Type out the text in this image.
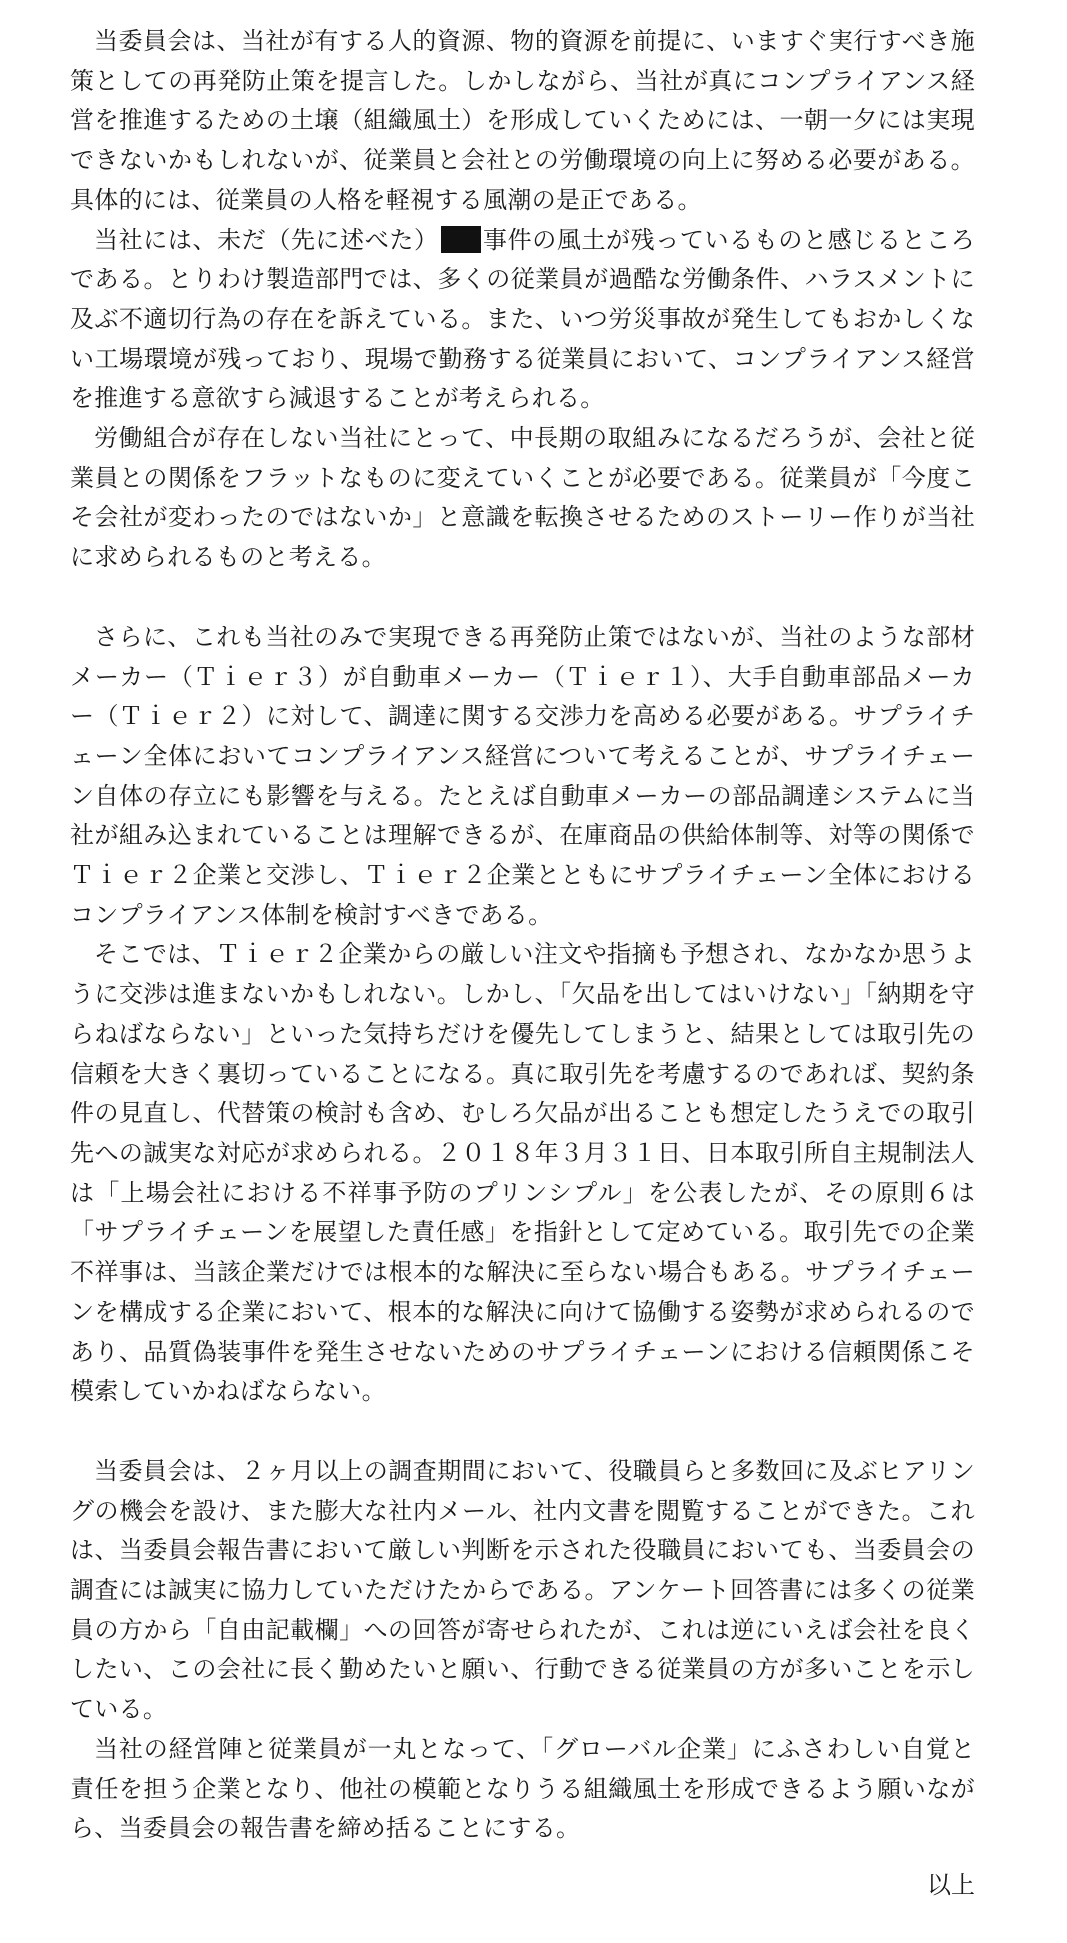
当委員会は、当社が有する人的資源、物的資源を前提に、いますぐ実行すべき施策としての再発防止策を提言した。しかしながら、当社が真にコンプライアンス経営を推進するための土壌（組織風土）を形成していくためには、一朝一夕には実現できないかもしれないが、従業員と会社との労働環境の向上に努める必要がある。具体的には、従業員の人格を軽視する風潮の是正である。

当社には、未だ（先に述べた） 事件の風土が残っているものと感じるところである。とりわけ製造部門では、多くの従業員が過酷な労働条件、ハラスメントに及ぶ不適切行為の存在を訴えている。また、いつ労災事故が発生してもおかしくない工場環境が残っており、現場で勤務する従業員において、コンプライアンス経営を推進する意欲すら減退することが考えられる。

労働組合が存在しない当社にとって、中長期の取組みになるだろうが、会社と従業員との関係をフラットなものに変えていくことが必要である。従業員が「今度こそ会社が変わったのではないか」と意識を転換させるためのストーリー作りが当社に求められるものと考える。

さらに、これも当社のみで実現できる再発防止策ではないが、当社のような部材メーカー（Ｔｉｅｒ３）が自動車メーカー（Ｔｉｅｒ１）、大手自動車部品メーカー（Ｔｉｅｒ２）に対して、調達に関する交渉力を高める必要がある。サプライチェーン全体においてコンプライアンス経営について考えることが、サプライチェーン自体の存立にも影響を与える。たとえば自動車メーカーの部品調達システムに当社が組み込まれていることは理解できるが、在庫商品の供給体制等、対等の関係でＴｉｅｒ２企業と交渉し、Ｔｉｅｒ２企業とともにサプライチェーン全体におけるコンプライアンス体制を検討すべきである。

そこでは、Ｔｉｅｒ２企業からの厳しい注文や指摘も予想され、なかなか思うように交渉は進まないかもしれない。しかし、「欠品を出してはいけない」「納期を守らねばならない」といった気持ちだけを優先してしまうと、結果としては取引先の信頼を大きく裏切っていることになる。真に取引先を考慮するのであれば、契約条件の見直し、代替策の検討も含め、むしろ欠品が出ることも想定したうえでの取引先への誠実な対応が求められる。２０１８年３月３１日、日本取引所自主規制法人は「上場会社における不祥事予防のプリンシプル」を公表したが、その原則６は「サプライチェーンを展望した責任感」を指針として定めている。取引先での企業不祥事は、当該企業だけでは根本的な解決に至らない場合もある。サプライチェーンを構成する企業において、根本的な解決に向けて協働する姿勢が求められるのであり、品質偽装事件を発生させないためのサプライチェーンにおける信頼関係こそ模索していかねばならない。

当委員会は、２ヶ月以上の調査期間において、役職員らと多数回に及ぶヒアリングの機会を設け、また膨大な社内メール、社内文書を閲覧することができた。これは、当委員会報告書において厳しい判断を示された役職員においても、当委員会の調査には誠実に協力していただけたからである。アンケート回答書には多くの従業員の方から「自由記載欄」への回答が寄せられたが、これは逆にいえば会社を良くしたい、この会社に長く勤めたいと願い、行動できる従業員の方が多いことを示している。

当社の経営陣と従業員が一丸となって、「グローバル企業」にふさわしい自覚と責任を担う企業となり、他社の模範となりうる組織風土を形成できるよう願いながら、当委員会の報告書を締め括ることにする。

以上
